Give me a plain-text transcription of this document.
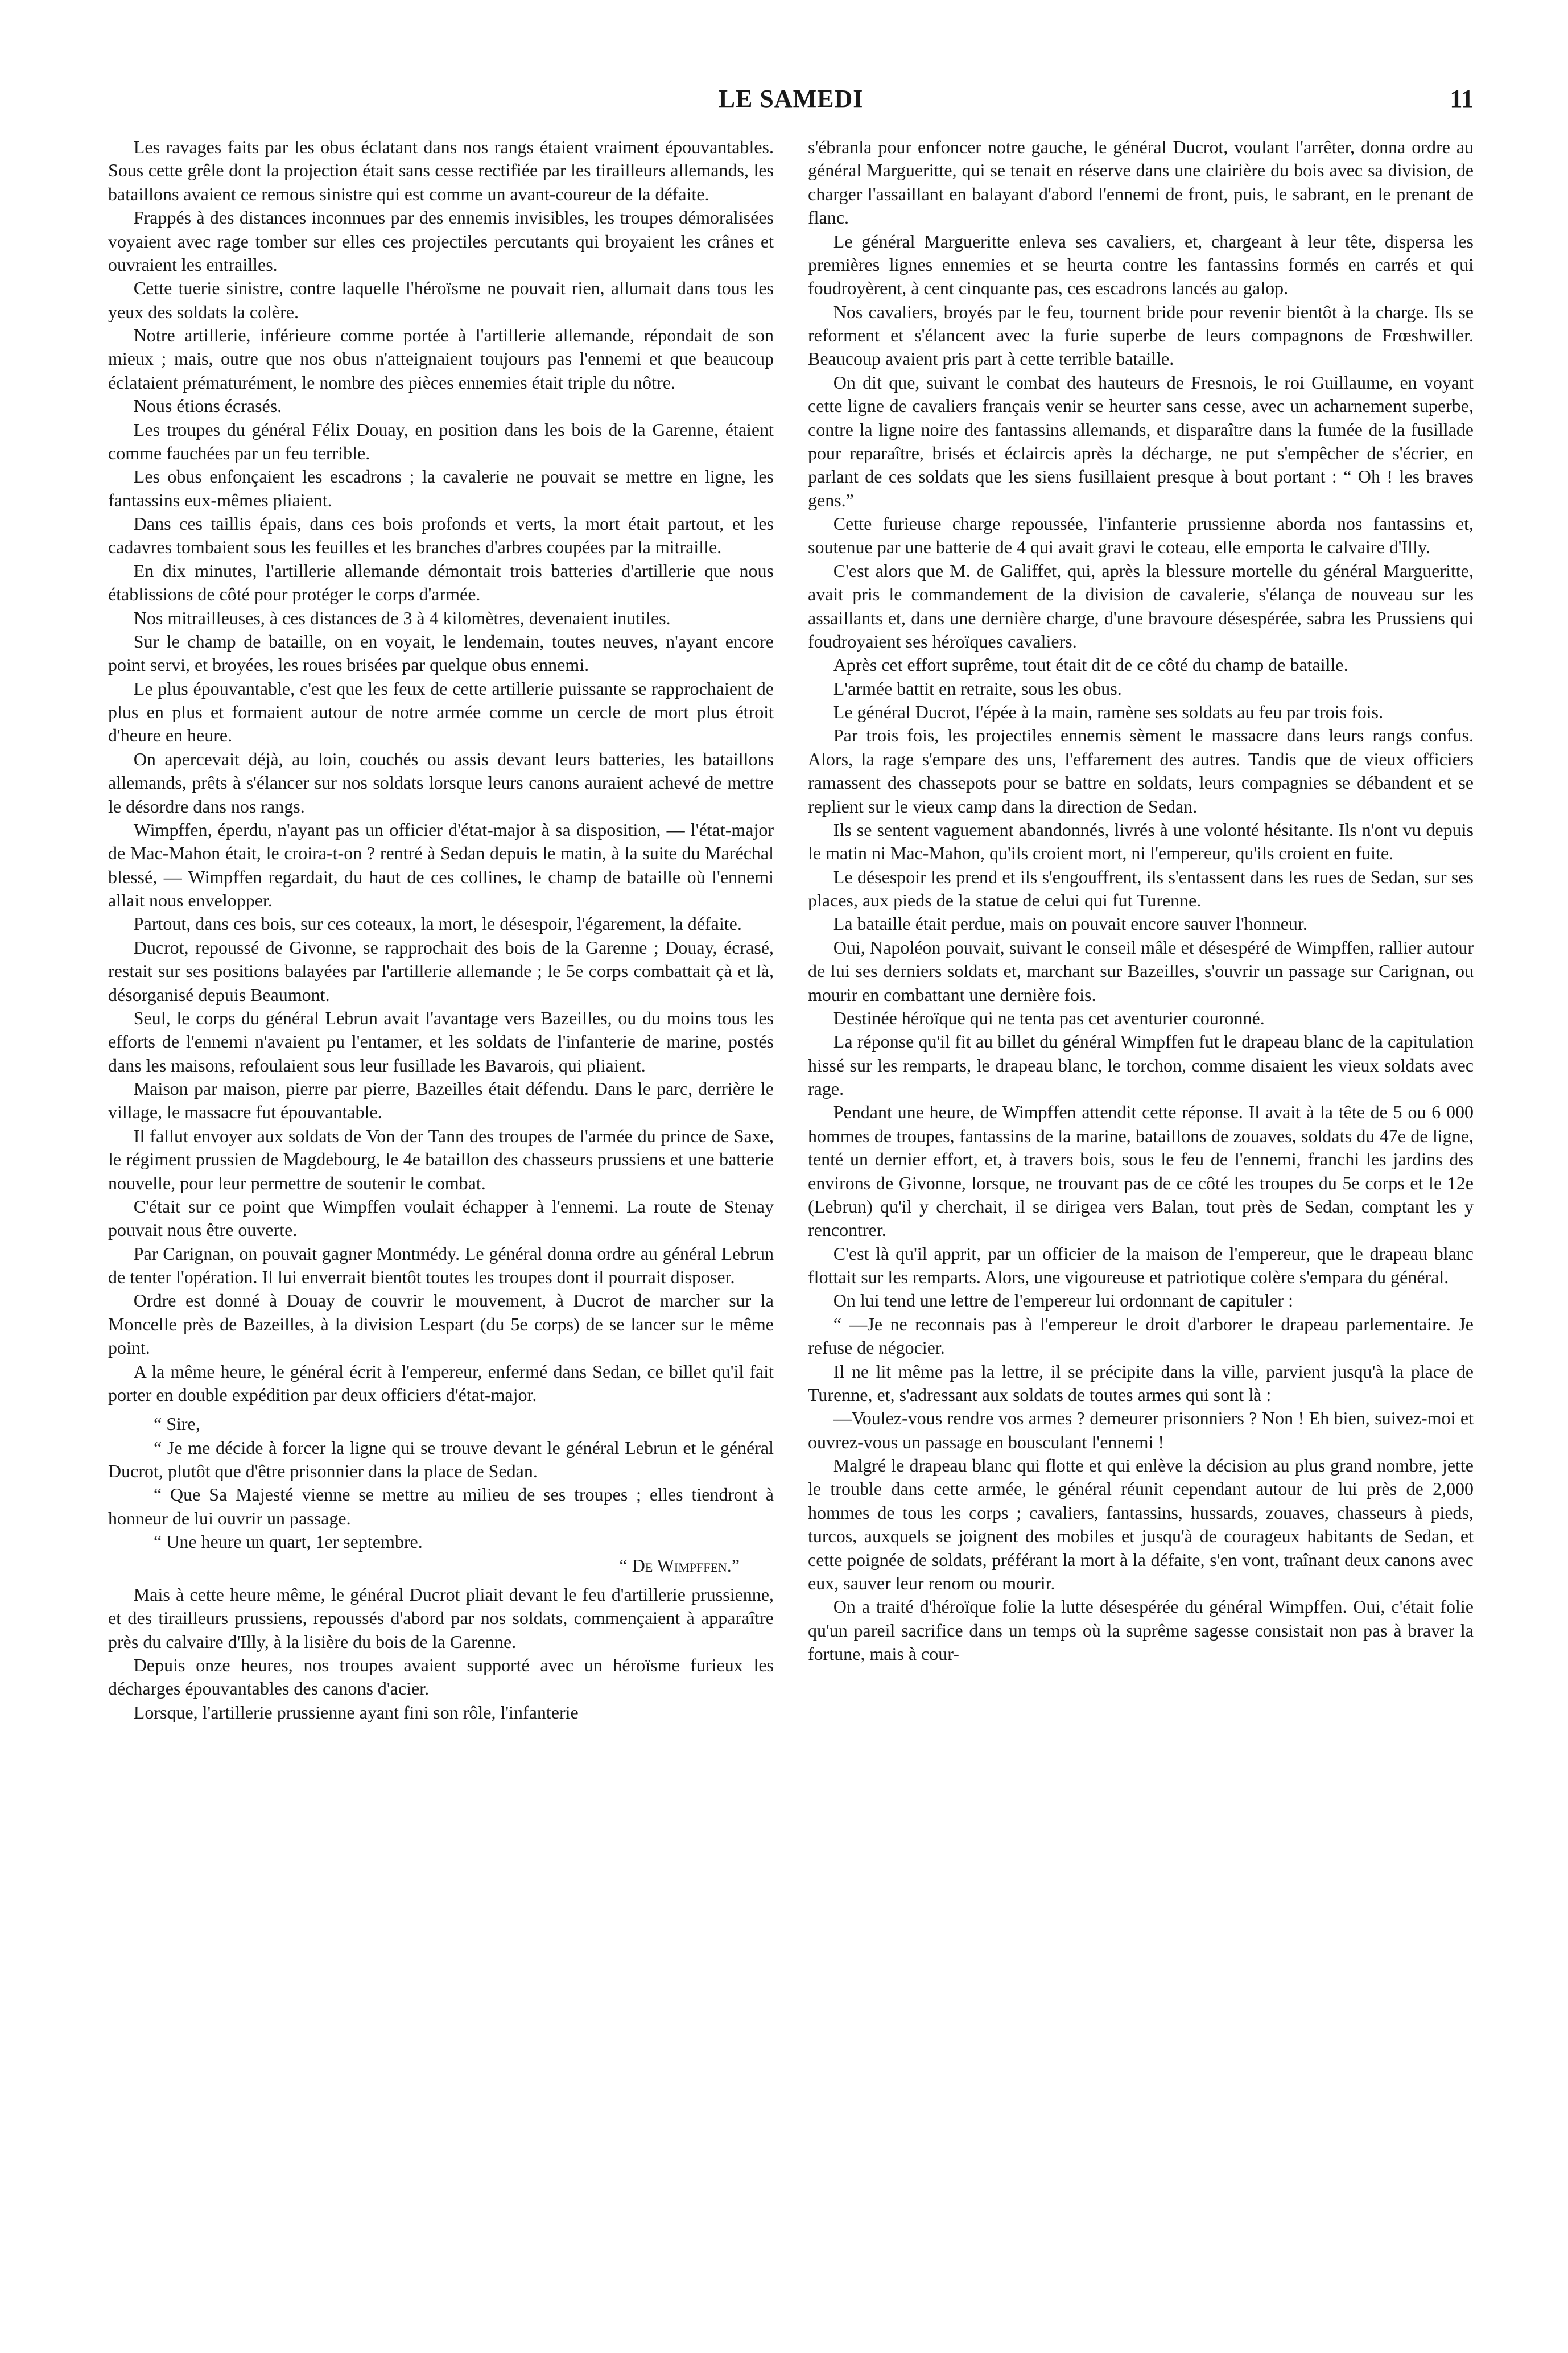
LE SAMEDI	11

Les ravages faits par les obus éclatant dans nos rangs étaient vraiment épouvantables. Sous cette grêle dont la projection était sans cesse rectifiée par les tirailleurs allemands, les bataillons avaient ce remous sinistre qui est comme un avant-coureur de la défaite.

Frappés à des distances inconnues par des ennemis invisibles, les troupes démoralisées voyaient avec rage tomber sur elles ces projectiles percutants qui broyaient les crânes et ouvraient les entrailles.

Cette tuerie sinistre, contre laquelle l'héroïsme ne pouvait rien, allumait dans tous les yeux des soldats la colère.

Notre artillerie, inférieure comme portée à l'artillerie allemande, répondait de son mieux ; mais, outre que nos obus n'atteignaient toujours pas l'ennemi et que beaucoup éclataient prématurément, le nombre des pièces ennemies était triple du nôtre.

Nous étions écrasés.

Les troupes du général Félix Douay, en position dans les bois de la Garenne, étaient comme fauchées par un feu terrible.

Les obus enfonçaient les escadrons ; la cavalerie ne pouvait se mettre en ligne, les fantassins eux-mêmes pliaient.

Dans ces taillis épais, dans ces bois profonds et verts, la mort était partout, et les cadavres tombaient sous les feuilles et les branches d'arbres coupées par la mitraille.

En dix minutes, l'artillerie allemande démontait trois batteries d'artillerie que nous établissions de côté pour protéger le corps d'armée.

Nos mitrailleuses, à ces distances de 3 à 4 kilomètres, devenaient inutiles.

Sur le champ de bataille, on en voyait, le lendemain, toutes neuves, n'ayant encore point servi, et broyées, les roues brisées par quelque obus ennemi.

Le plus épouvantable, c'est que les feux de cette artillerie puissante se rapprochaient de plus en plus et formaient autour de notre armée comme un cercle de mort plus étroit d'heure en heure.

On apercevait déjà, au loin, couchés ou assis devant leurs batteries, les bataillons allemands, prêts à s'élancer sur nos soldats lorsque leurs canons auraient achevé de mettre le désordre dans nos rangs.

Wimpffen, éperdu, n'ayant pas un officier d'état-major à sa disposition, — l'état-major de Mac-Mahon était, le croira-t-on ? rentré à Sedan depuis le matin, à la suite du Maréchal blessé, — Wimpffen regardait, du haut de ces collines, le champ de bataille où l'ennemi allait nous envelopper.

Partout, dans ces bois, sur ces coteaux, la mort, le désespoir, l'égarement, la défaite.

Ducrot, repoussé de Givonne, se rapprochait des bois de la Garenne ; Douay, écrasé, restait sur ses positions balayées par l'artillerie allemande ; le 5e corps combattait çà et là, désorganisé depuis Beaumont.

Seul, le corps du général Lebrun avait l'avantage vers Bazeilles, ou du moins tous les efforts de l'ennemi n'avaient pu l'entamer, et les soldats de l'infanterie de marine, postés dans les maisons, refoulaient sous leur fusillade les Bavarois, qui pliaient.

Maison par maison, pierre par pierre, Bazeilles était défendu. Dans le parc, derrière le village, le massacre fut épouvantable.

Il fallut envoyer aux soldats de Von der Tann des troupes de l'armée du prince de Saxe, le régiment prussien de Magdebourg, le 4e bataillon des chasseurs prussiens et une batterie nouvelle, pour leur permettre de soutenir le combat.

C'était sur ce point que Wimpffen voulait échapper à l'ennemi. La route de Stenay pouvait nous être ouverte.

Par Carignan, on pouvait gagner Montmédy. Le général donna ordre au général Lebrun de tenter l'opération. Il lui enverrait bientôt toutes les troupes dont il pourrait disposer.

Ordre est donné à Douay de couvrir le mouvement, à Ducrot de marcher sur la Moncelle près de Bazeilles, à la division Lespart (du 5e corps) de se lancer sur le même point.

A la même heure, le général écrit à l'empereur, enfermé dans Sedan, ce billet qu'il fait porter en double expédition par deux officiers d'état-major.

“ Sire,

“ Je me décide à forcer la ligne qui se trouve devant le général Lebrun et le général Ducrot, plutôt que d'être prisonnier dans la place de Sedan.

“ Que Sa Majesté vienne se mettre au milieu de ses troupes ; elles tiendront à honneur de lui ouvrir un passage.

“ Une heure un quart, 1er septembre.

“ De Wimpffen.”

Mais à cette heure même, le général Ducrot pliait devant le feu d'artillerie prussienne, et des tirailleurs prussiens, repoussés d'abord par nos soldats, commençaient à apparaître près du calvaire d'Illy, à la lisière du bois de la Garenne.

Depuis onze heures, nos troupes avaient supporté avec un héroïsme furieux les décharges épouvantables des canons d'acier.

Lorsque, l'artillerie prussienne ayant fini son rôle, l'infanterie

s'ébranla pour enfoncer notre gauche, le général Ducrot, voulant l'arrêter, donna ordre au général Margueritte, qui se tenait en réserve dans une clairière du bois avec sa division, de charger l'assaillant en balayant d'abord l'ennemi de front, puis, le sabrant, en le prenant de flanc.

Le général Margueritte enleva ses cavaliers, et, chargeant à leur tête, dispersa les premières lignes ennemies et se heurta contre les fantassins formés en carrés et qui foudroyèrent, à cent cinquante pas, ces escadrons lancés au galop.

Nos cavaliers, broyés par le feu, tournent bride pour revenir bientôt à la charge. Ils se reforment et s'élancent avec la furie superbe de leurs compagnons de Frœshwiller. Beaucoup avaient pris part à cette terrible bataille.

On dit que, suivant le combat des hauteurs de Fresnois, le roi Guillaume, en voyant cette ligne de cavaliers français venir se heurter sans cesse, avec un acharnement superbe, contre la ligne noire des fantassins allemands, et disparaître dans la fumée de la fusillade pour reparaître, brisés et éclaircis après la décharge, ne put s'empêcher de s'écrier, en parlant de ces soldats que les siens fusillaient presque à bout portant : “ Oh ! les braves gens.”

Cette furieuse charge repoussée, l'infanterie prussienne aborda nos fantassins et, soutenue par une batterie de 4 qui avait gravi le coteau, elle emporta le calvaire d'Illy.

C'est alors que M. de Galiffet, qui, après la blessure mortelle du général Margueritte, avait pris le commandement de la division de cavalerie, s'élança de nouveau sur les assaillants et, dans une dernière charge, d'une bravoure désespérée, sabra les Prussiens qui foudroyaient ses héroïques cavaliers.

Après cet effort suprême, tout était dit de ce côté du champ de bataille.

L'armée battit en retraite, sous les obus.

Le général Ducrot, l'épée à la main, ramène ses soldats au feu par trois fois.

Par trois fois, les projectiles ennemis sèment le massacre dans leurs rangs confus. Alors, la rage s'empare des uns, l'effarement des autres. Tandis que de vieux officiers ramassent des chassepots pour se battre en soldats, leurs compagnies se débandent et se replient sur le vieux camp dans la direction de Sedan.

Ils se sentent vaguement abandonnés, livrés à une volonté hésitante. Ils n'ont vu depuis le matin ni Mac-Mahon, qu'ils croient mort, ni l'empereur, qu'ils croient en fuite.

Le désespoir les prend et ils s'engouffrent, ils s'entassent dans les rues de Sedan, sur ses places, aux pieds de la statue de celui qui fut Turenne.

La bataille était perdue, mais on pouvait encore sauver l'honneur.

Oui, Napoléon pouvait, suivant le conseil mâle et désespéré de Wimpffen, rallier autour de lui ses derniers soldats et, marchant sur Bazeilles, s'ouvrir un passage sur Carignan, ou mourir en combattant une dernière fois.

Destinée héroïque qui ne tenta pas cet aventurier couronné.

La réponse qu'il fit au billet du général Wimpffen fut le drapeau blanc de la capitulation hissé sur les remparts, le drapeau blanc, le torchon, comme disaient les vieux soldats avec rage.

Pendant une heure, de Wimpffen attendit cette réponse. Il avait à la tête de 5 ou 6 000 hommes de troupes, fantassins de la marine, bataillons de zouaves, soldats du 47e de ligne, tenté un dernier effort, et, à travers bois, sous le feu de l'ennemi, franchi les jardins des environs de Givonne, lorsque, ne trouvant pas de ce côté les troupes du 5e corps et le 12e (Lebrun) qu'il y cherchait, il se dirigea vers Balan, tout près de Sedan, comptant les y rencontrer.

C'est là qu'il apprit, par un officier de la maison de l'empereur, que le drapeau blanc flottait sur les remparts. Alors, une vigoureuse et patriotique colère s'empara du général.

On lui tend une lettre de l'empereur lui ordonnant de capituler :

“ —Je ne reconnais pas à l'empereur le droit d'arborer le drapeau parlementaire. Je refuse de négocier.

Il ne lit même pas la lettre, il se précipite dans la ville, parvient jusqu'à la place de Turenne, et, s'adressant aux soldats de toutes armes qui sont là :

—Voulez-vous rendre vos armes ? demeurer prisonniers ? Non ! Eh bien, suivez-moi et ouvrez-vous un passage en bousculant l'ennemi !

Malgré le drapeau blanc qui flotte et qui enlève la décision au plus grand nombre, jette le trouble dans cette armée, le général réunit cependant autour de lui près de 2,000 hommes de tous les corps ; cavaliers, fantassins, hussards, zouaves, chasseurs à pieds, turcos, auxquels se joignent des mobiles et jusqu'à de courageux habitants de Sedan, et cette poignée de soldats, préférant la mort à la défaite, s'en vont, traînant deux canons avec eux, sauver leur renom ou mourir.

On a traité d'héroïque folie la lutte désespérée du général Wimpffen. Oui, c'était folie qu'un pareil sacrifice dans un temps où la suprême sagesse consistait non pas à braver la fortune, mais à cour-
